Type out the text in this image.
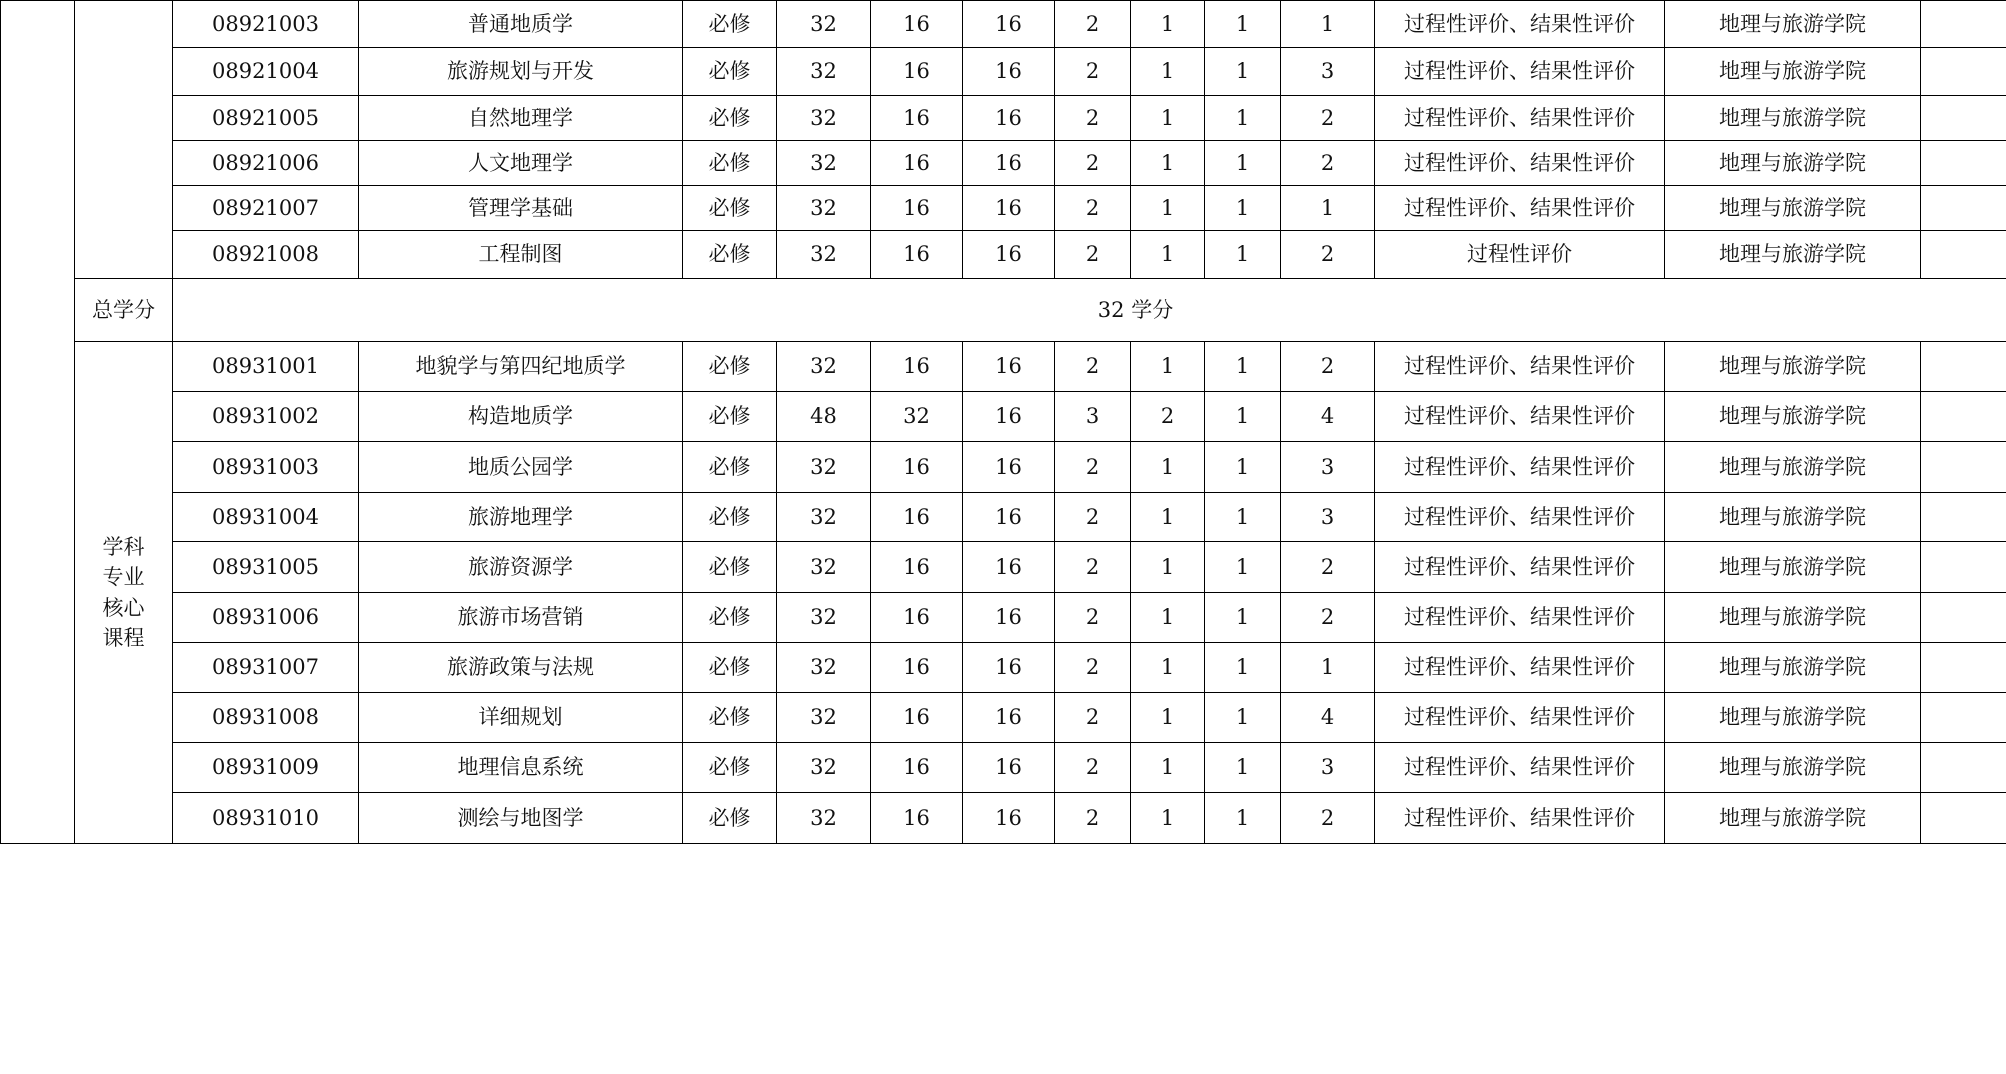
		08921003	普通地质学	必修	32	16	16	2	1	1	1	过程性评价、结果性评价	地理与旅游学院	
		08921004	旅游规划与开发	必修	32	16	16	2	1	1	3	过程性评价、结果性评价	地理与旅游学院	
		08921005	自然地理学	必修	32	16	16	2	1	1	2	过程性评价、结果性评价	地理与旅游学院	
		08921006	人文地理学	必修	32	16	16	2	1	1	2	过程性评价、结果性评价	地理与旅游学院	
		08921007	管理学基础	必修	32	16	16	2	1	1	1	过程性评价、结果性评价	地理与旅游学院	
		08921008	工程制图	必修	32	16	16	2	1	1	2	过程性评价	地理与旅游学院	
	总学分	32 学分												
	学科
专业
核心
课程	08931001	地貌学与第四纪地质学	必修	32	16	16	2	1	1	2	过程性评价、结果性评价	地理与旅游学院	
		08931002	构造地质学	必修	48	32	16	3	2	1	4	过程性评价、结果性评价	地理与旅游学院	
		08931003	地质公园学	必修	32	16	16	2	1	1	3	过程性评价、结果性评价	地理与旅游学院	
		08931004	旅游地理学	必修	32	16	16	2	1	1	3	过程性评价、结果性评价	地理与旅游学院	
		08931005	旅游资源学	必修	32	16	16	2	1	1	2	过程性评价、结果性评价	地理与旅游学院	
		08931006	旅游市场营销	必修	32	16	16	2	1	1	2	过程性评价、结果性评价	地理与旅游学院	
		08931007	旅游政策与法规	必修	32	16	16	2	1	1	1	过程性评价、结果性评价	地理与旅游学院	
		08931008	详细规划	必修	32	16	16	2	1	1	4	过程性评价、结果性评价	地理与旅游学院	
		08931009	地理信息系统	必修	32	16	16	2	1	1	3	过程性评价、结果性评价	地理与旅游学院	
		08931010	测绘与地图学	必修	32	16	16	2	1	1	2	过程性评价、结果性评价	地理与旅游学院	
